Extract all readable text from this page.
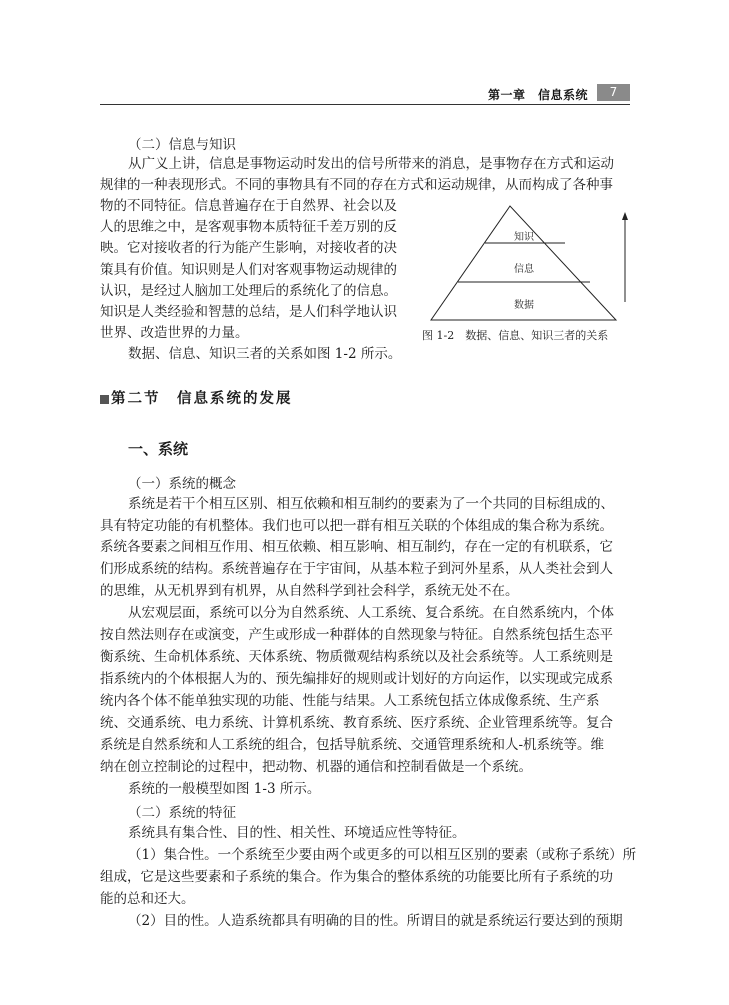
第一章　信息系统	7
（二）信息与知识
从广义上讲，信息是事物运动时发出的信号所带来的消息，是事物存在方式和运动
规律的一种表现形式。不同的事物具有不同的存在方式和运动规律，从而构成了各种事
物的不同特征。信息普遍存在于自然界、社会以及
人的思维之中，是客观事物本质特征千差万别的反
映。它对接收者的行为能产生影响，对接收者的决
策具有价值。知识则是人们对客观事物运动规律的
认识，是经过人脑加工处理后的系统化了的信息。
知识是人类经验和智慧的总结，是人们科学地认识
世界、改造世界的力量。
数据、信息、知识三者的关系如图 1-2 所示。
知识
信息
数据
图 1-2　数据、信息、知识三者的关系
第二节　信息系统的发展
一、系统
（一）系统的概念
系统是若干个相互区别、相互依赖和相互制约的要素为了一个共同的目标组成的、
具有特定功能的有机整体。我们也可以把一群有相互关联的个体组成的集合称为系统。
系统各要素之间相互作用、相互依赖、相互影响、相互制约，存在一定的有机联系，它
们形成系统的结构。系统普遍存在于宇宙间，从基本粒子到河外星系，从人类社会到人
的思维，从无机界到有机界，从自然科学到社会科学，系统无处不在。
从宏观层面，系统可以分为自然系统、人工系统、复合系统。在自然系统内，个体
按自然法则存在或演变，产生或形成一种群体的自然现象与特征。自然系统包括生态平
衡系统、生命机体系统、天体系统、物质微观结构系统以及社会系统等。人工系统则是
指系统内的个体根据人为的、预先编排好的规则或计划好的方向运作，以实现或完成系
统内各个体不能单独实现的功能、性能与结果。人工系统包括立体成像系统、生产系
统、交通系统、电力系统、计算机系统、教育系统、医疗系统、企业管理系统等。复合
系统是自然系统和人工系统的组合，包括导航系统、交通管理系统和人-机系统等。维
纳在创立控制论的过程中，把动物、机器的通信和控制看做是一个系统。
系统的一般模型如图 1-3 所示。
（二）系统的特征
系统具有集合性、目的性、相关性、环境适应性等特征。
（1）集合性。一个系统至少要由两个或更多的可以相互区别的要素（或称子系统）所
组成，它是这些要素和子系统的集合。作为集合的整体系统的功能要比所有子系统的功
能的总和还大。
（2）目的性。人造系统都具有明确的目的性。所谓目的就是系统运行要达到的预期
